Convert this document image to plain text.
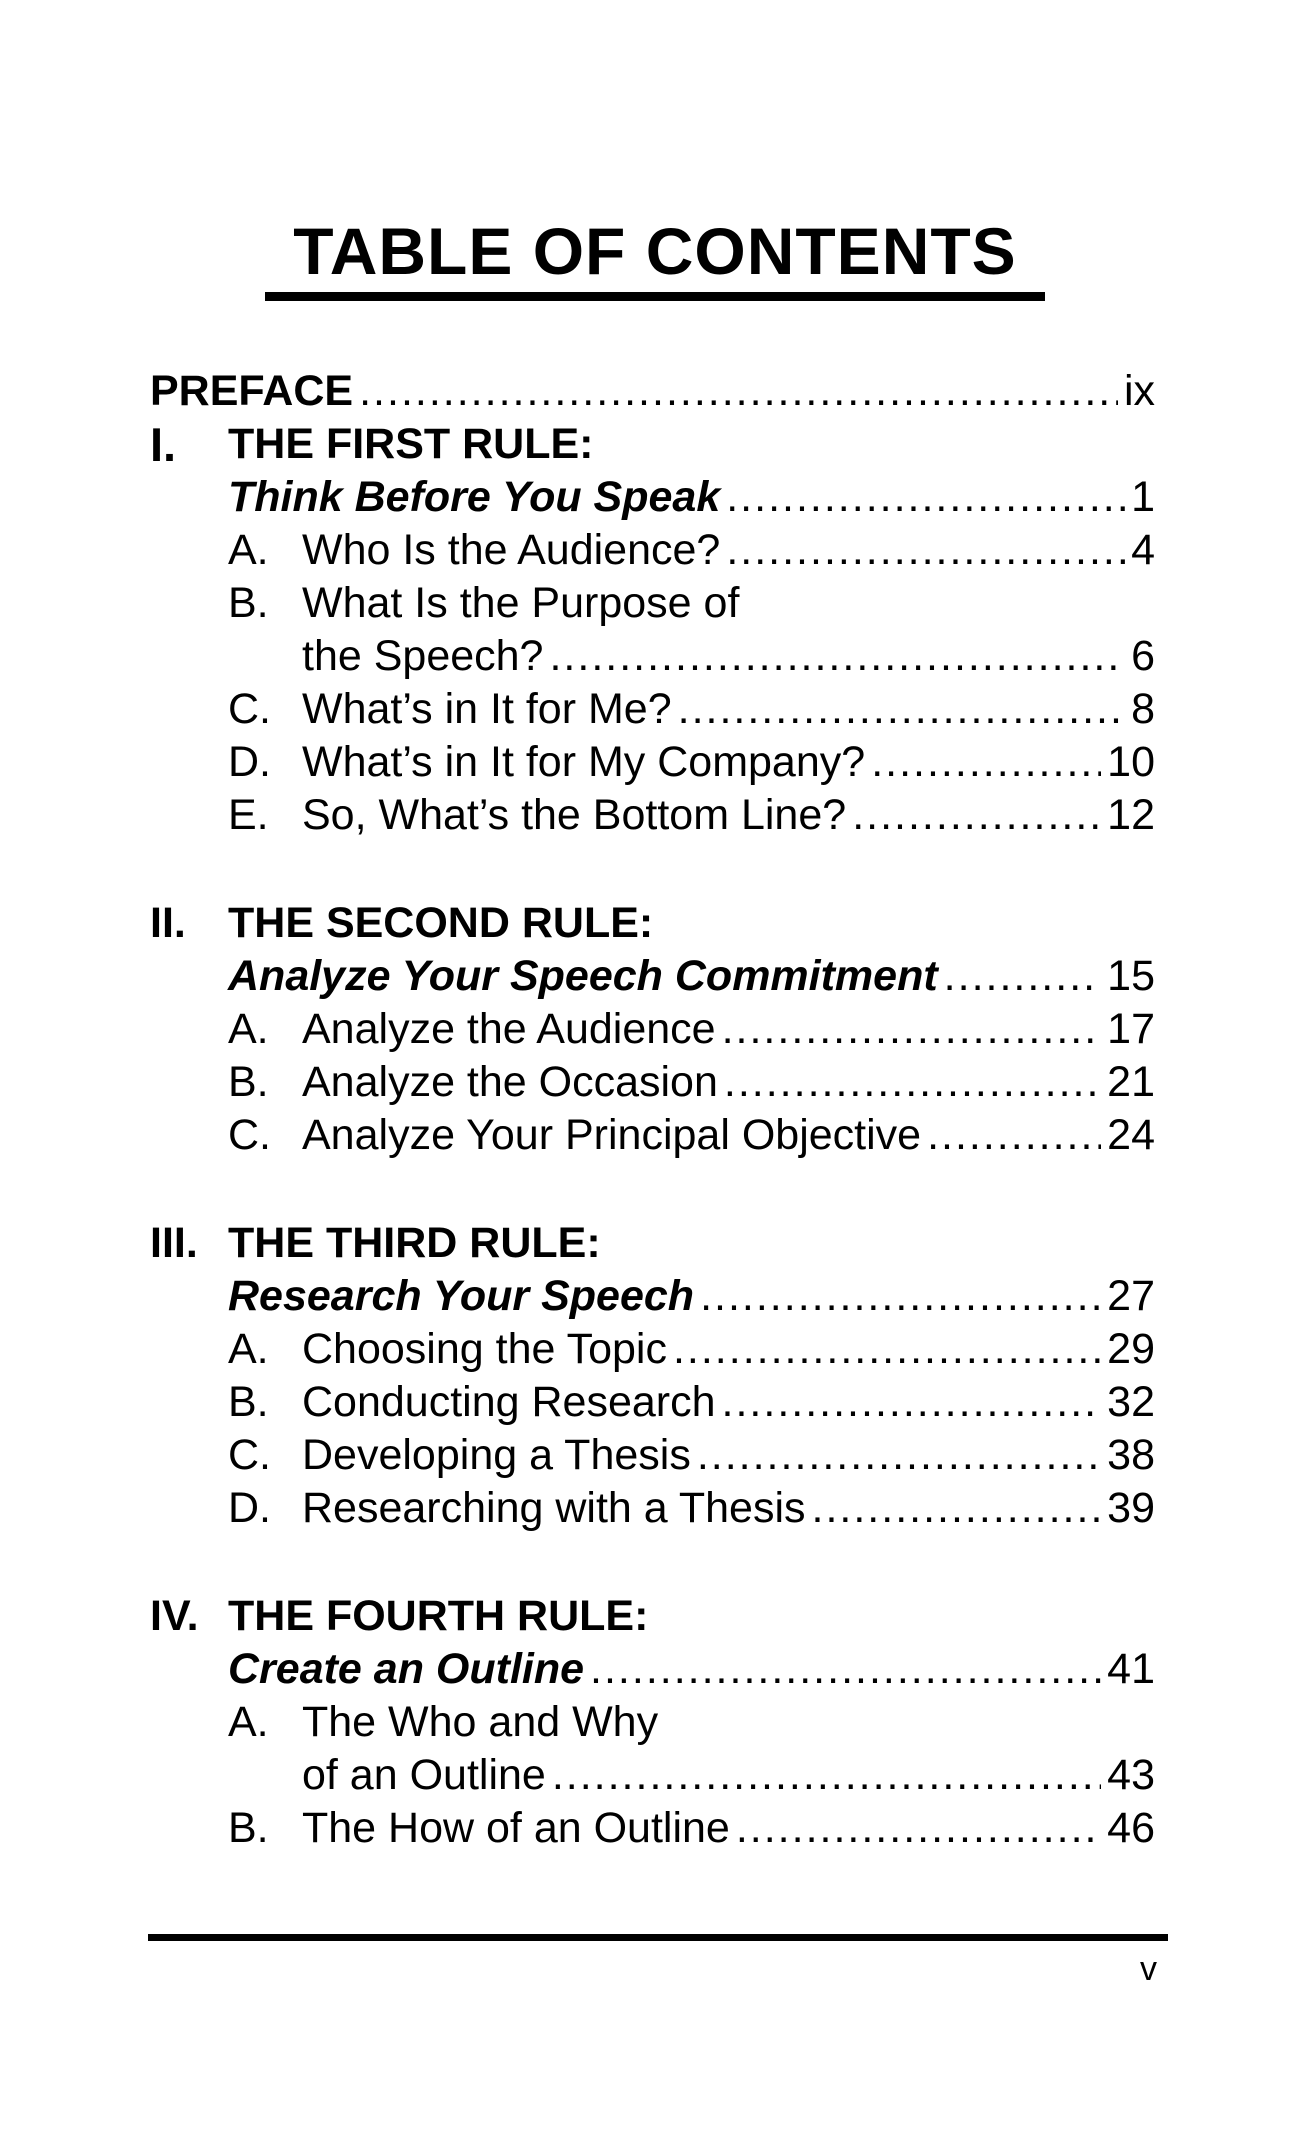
TABLE OF CONTENTS
PREFACE .....	ix
I. THE FIRST RULE:
Think Before You Speak .....	1
A. Who Is the Audience? .....	4
B. What Is the Purpose of
the Speech? .....	6
C. What’s in It for Me? .....	8
D. What’s in It for My Company? .....	10
E. So, What’s the Bottom Line? .....	12
II. THE SECOND RULE:
Analyze Your Speech Commitment .....	15
A. Analyze the Audience .....	17
B. Analyze the Occasion .....	21
C. Analyze Your Principal Objective .....	24
III. THE THIRD RULE:
Research Your Speech .....	27
A. Choosing the Topic .....	29
B. Conducting Research .....	32
C. Developing a Thesis .....	38
D. Researching with a Thesis .....	39
IV. THE FOURTH RULE:
Create an Outline .....	41
A. The Who and Why
of an Outline .....	43
B. The How of an Outline .....	46
v
